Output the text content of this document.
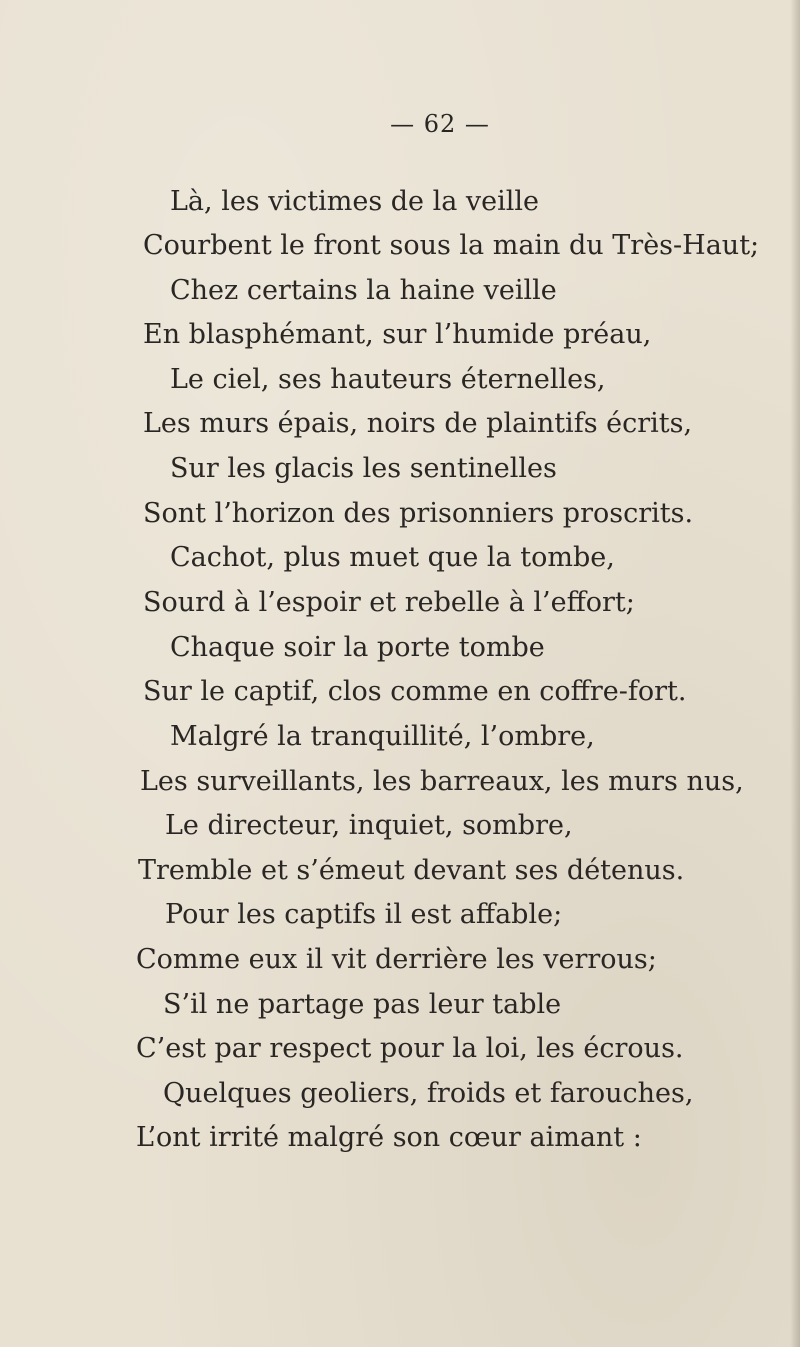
— 62 —
Là, les victimes de la veille
Courbent le front sous la main du Très-Haut;
Chez certains la haine veille
En blasphémant, sur l’humide préau,
Le ciel, ses hauteurs éternelles,
Les murs épais, noirs de plaintifs écrits,
Sur les glacis les sentinelles
Sont l’horizon des prisonniers proscrits.
Cachot, plus muet que la tombe,
Sourd à l’espoir et rebelle à l’effort;
Chaque soir la porte tombe
Sur le captif, clos comme en coffre-fort.
Malgré la tranquillité, l’ombre,
Les surveillants, les barreaux, les murs nus,
Le directeur, inquiet, sombre,
Tremble et s’émeut devant ses détenus.
Pour les captifs il est affable;
Comme eux il vit derrière les verrous;
S’il ne partage pas leur table
C’est par respect pour la loi, les écrous.
Quelques geoliers, froids et farouches,
L’ont irrité malgré son cœur aimant :
